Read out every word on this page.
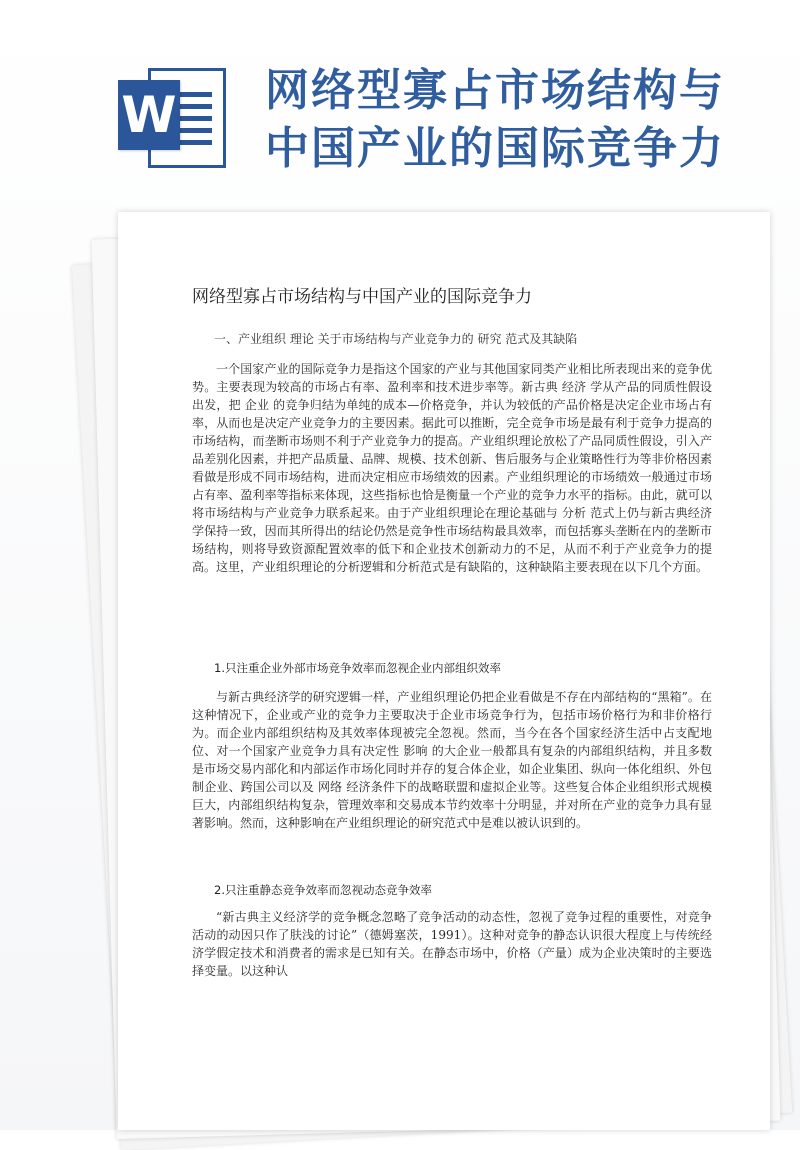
W 网络型寡占市场结构与
中国产业的国际竞争力
网络型寡占市场结构与中国产业的国际竞争力

一、产业组织 理论 关于市场结构与产业竞争力的 研究 范式及其缺陷

一个国家产业的国际竞争力是指这个国家的产业与其他国家同类产业相比所表现出来的竞争优势。主要表现为较高的市场占有率、盈利率和技术进步率等。新古典 经济 学从产品的同质性假设出发，把 企业 的竞争归结为单纯的成本—价格竞争，并认为较低的产品价格是决定企业市场占有率，从而也是决定产业竞争力的主要因素。据此可以推断，完全竞争市场是最有利于竞争力提高的市场结构，而垄断市场则不利于产业竞争力的提高。产业组织理论放松了产品同质性假设，引入产品差别化因素，并把产品质量、品牌、规模、技术创新、售后服务与企业策略性行为等非价格因素看做是形成不同市场结构，进而决定相应市场绩效的因素。产业组织理论的市场绩效一般通过市场占有率、盈利率等指标来体现，这些指标也恰是衡量一个产业的竞争力水平的指标。由此，就可以将市场结构与产业竞争力联系起来。由于产业组织理论在理论基础与 分析 范式上仍与新古典经济学保持一致，因而其所得出的结论仍然是竞争性市场结构最具效率，而包括寡头垄断在内的垄断市场结构，则将导致资源配置效率的低下和企业技术创新动力的不足，从而不利于产业竞争力的提高。这里，产业组织理论的分析逻辑和分析范式是有缺陷的，这种缺陷主要表现在以下几个方面。

1.只注重企业外部市场竞争效率而忽视企业内部组织效率

与新古典经济学的研究逻辑一样，产业组织理论仍把企业看做是不存在内部结构的“黑箱”。在这种情况下，企业或产业的竞争力主要取决于企业市场竞争行为，包括市场价格行为和非价格行为。而企业内部组织结构及其效率体现被完全忽视。然而，当今在各个国家经济生活中占支配地位、对一个国家产业竞争力具有决定性 影响 的大企业一般都具有复杂的内部组织结构，并且多数是市场交易内部化和内部运作市场化同时并存的复合体企业，如企业集团、纵向一体化组织、外包制企业、跨国公司以及 网络 经济条件下的战略联盟和虚拟企业等。这些复合体企业组织形式规模巨大，内部组织结构复杂，管理效率和交易成本节约效率十分明显，并对所在产业的竞争力具有显著影响。然而，这种影响在产业组织理论的研究范式中是难以被认识到的。

2.只注重静态竞争效率而忽视动态竞争效率

“新古典主义经济学的竞争概念忽略了竞争活动的动态性，忽视了竞争过程的重要性，对竞争活动的动因只作了肤浅的讨论”（德姆塞茨，1991）。这种对竞争的静态认识很大程度上与传统经济学假定技术和消费者的需求是已知有关。在静态市场中，价格（产量）成为企业决策时的主要选择变量。以这种认
